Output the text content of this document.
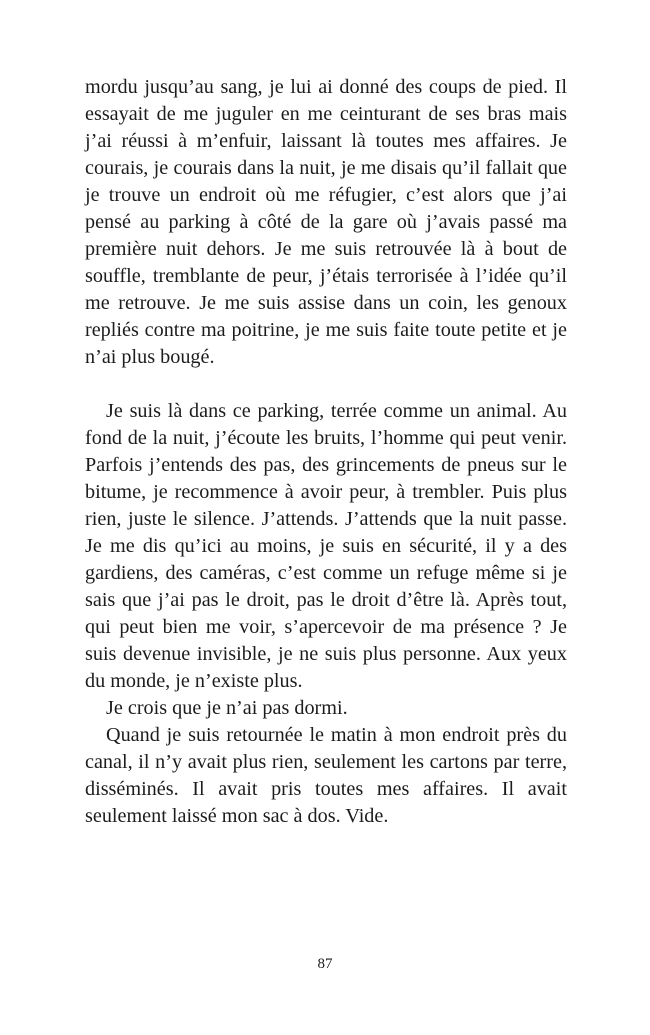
mordu jusqu’au sang, je lui ai donné des coups de pied. Il essayait de me juguler en me ceinturant de ses bras mais j’ai réussi à m’enfuir, laissant là toutes mes affaires. Je courais, je courais dans la nuit, je me disais qu’il fallait que je trouve un endroit où me réfugier, c’est alors que j’ai pensé au parking à côté de la gare où j’avais passé ma première nuit dehors. Je me suis retrouvée là à bout de souffle, tremblante de peur, j’étais terrorisée à l’idée qu’il me retrouve. Je me suis assise dans un coin, les genoux repliés contre ma poitrine, je me suis faite toute petite et je n’ai plus bougé.

Je suis là dans ce parking, terrée comme un animal. Au fond de la nuit, j’écoute les bruits, l’homme qui peut venir. Parfois j’entends des pas, des grincements de pneus sur le bitume, je recommence à avoir peur, à trembler. Puis plus rien, juste le silence. J’attends. J’attends que la nuit passe. Je me dis qu’ici au moins, je suis en sécurité, il y a des gardiens, des caméras, c’est comme un refuge même si je sais que j’ai pas le droit, pas le droit d’être là. Après tout, qui peut bien me voir, s’apercevoir de ma présence ? Je suis devenue invisible, je ne suis plus personne. Aux yeux du monde, je n’existe plus.

Je crois que je n’ai pas dormi.

Quand je suis retournée le matin à mon endroit près du canal, il n’y avait plus rien, seulement les cartons par terre, disséminés. Il avait pris toutes mes affaires. Il avait seulement laissé mon sac à dos. Vide.

87
